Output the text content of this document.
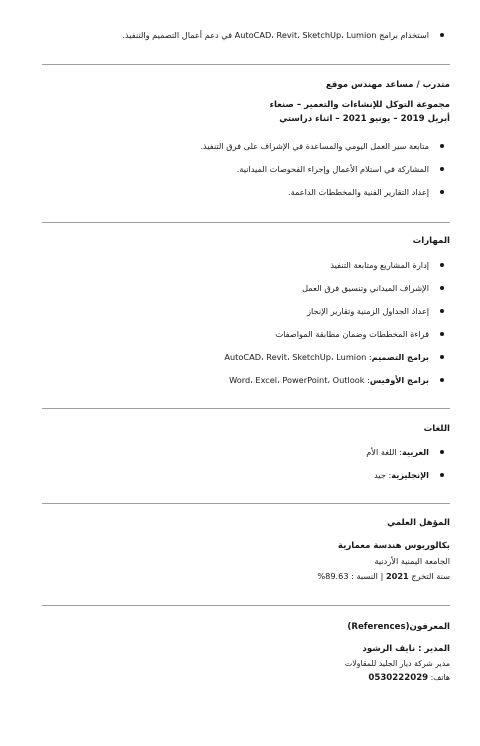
استخدام برامج AutoCAD، Revit، SketchUp، Lumion في دعم أعمال التصميم والتنفيذ.
متدرب / مساعد مهندس موقع
مجموعة التوكل للإنشاءات والتعمير – صنعاء
أبريل 2019 – يونيو 2021 – اثناء دراستي
متابعة سير العمل اليومي والمساعدة في الإشراف على فرق التنفيذ.
المشاركة في استلام الأعمال وإجراء الفحوصات الميدانية.
إعداد التقارير الفنية والمخططات الداعمة.
المهارات
إدارة المشاريع ومتابعة التنفيذ
الإشراف الميداني وتنسيق فرق العمل
إعداد الجداول الزمنية وتقارير الإنجاز
قراءة المخططات وضمان مطابقة المواصفات
برامج التصميم: AutoCAD، Revit، SketchUp، Lumion
برامج الأوفيس: Word، Excel، PowerPoint، Outlook
اللغات
العربية: اللغة الأم
الإنجليزية: جيد
المؤهل العلمي
بكالوريوس هندسة معمارية
الجامعة اليمنية الأردنية
سنة التخرج 2021 | النسبة : 89.63%
المعرفون(References)
المدير : نايف الرشود
مدير شركة ديار الجليد للمقاولات
هاتف: 0530222029
